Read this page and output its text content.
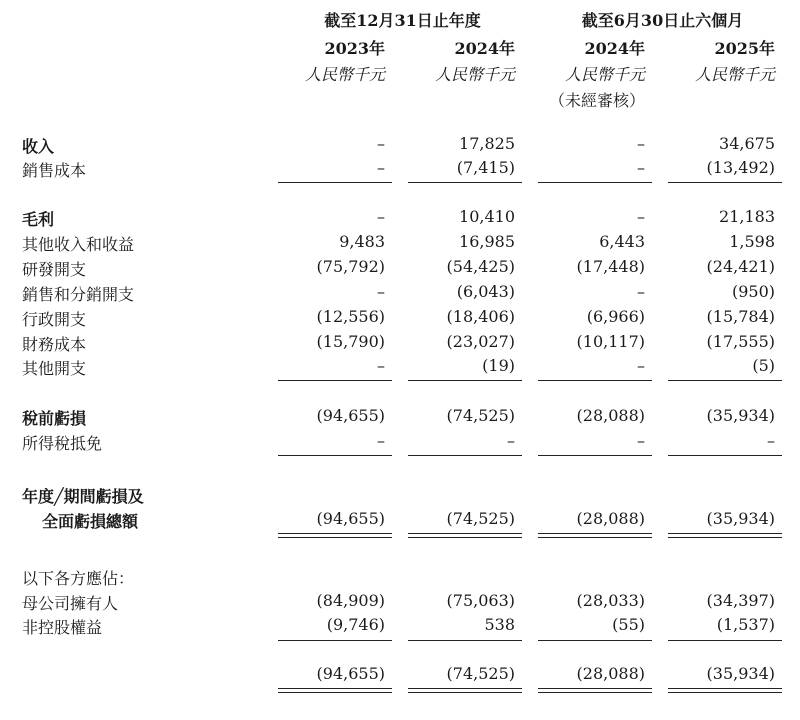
截至12月31日止年度	截至6月30日止六個月
2023年	2024年	2024年	2025年
人民幣千元	人民幣千元	人民幣千元	人民幣千元
（未經審核）
收入	–	17,825	–	34,675
銷售成本	–	(7,415)	–	(13,492)
毛利	–	10,410	–	21,183
其他收入和收益	9,483	16,985	6,443	1,598
研發開支	(75,792)	(54,425)	(17,448)	(24,421)
銷售和分銷開支	–	(6,043)	–	(950)
行政開支	(12,556)	(18,406)	(6,966)	(15,784)
財務成本	(15,790)	(23,027)	(10,117)	(17,555)
其他開支	–	(19)	–	(5)
稅前虧損	(94,655)	(74,525)	(28,088)	(35,934)
所得稅抵免	–	–	–	–
年度╱期間虧損及
全面虧損總額	(94,655)	(74,525)	(28,088)	(35,934)
以下各方應佔：
母公司擁有人	(84,909)	(75,063)	(28,033)	(34,397)
非控股權益	(9,746)	538	(55)	(1,537)
(94,655)	(74,525)	(28,088)	(35,934)
